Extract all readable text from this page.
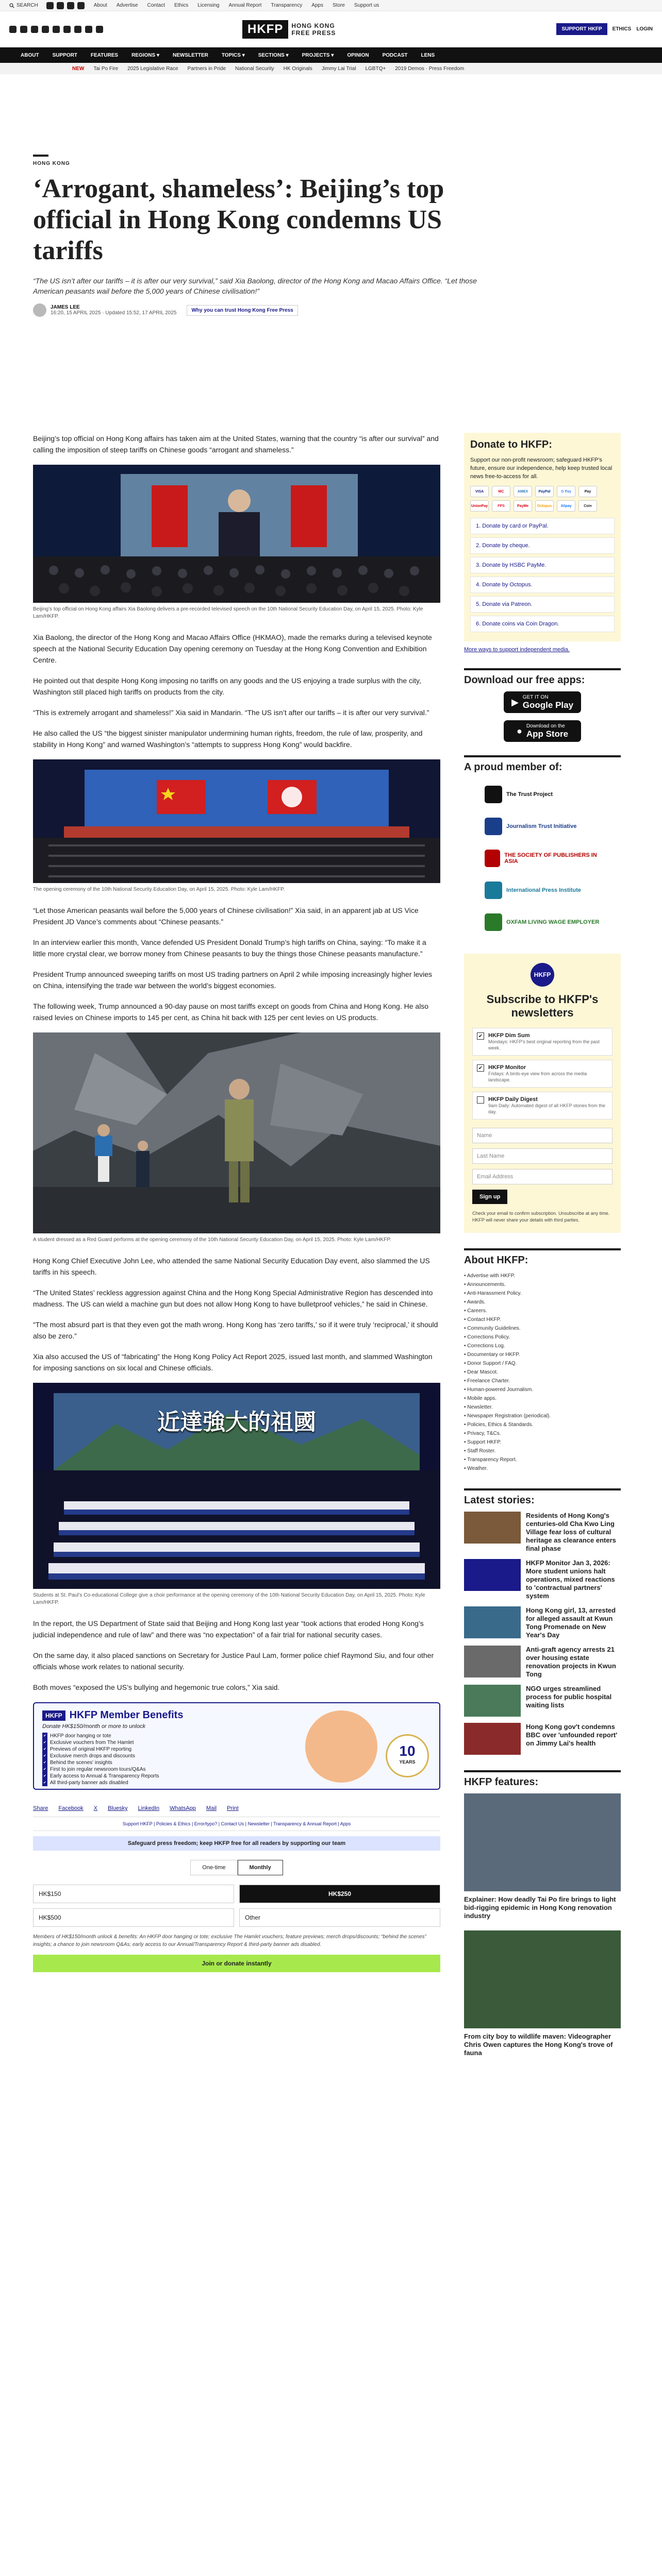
SEARCH	About Advertise Contact Ethics Licensing Annual Report Transparency Apps Store Support us
HKFP	HONG KONG
FREE PRESS	SUPPORT HKFP	ETHICS LOGIN
ABOUT	SUPPORT	FEATURES	REGIONS ▾	NEWSLETTER	TOPICS ▾	SECTIONS ▾	PROJECTS ▾	OPINION	PODCAST	LENS
NEW Tai Po Fire 2025 Legislative Race Partners in Pride National Security HK Originals Jimmy Lai Trial LGBTQ+ 2019 Demos · Press Freedom
HONG KONG
‘Arrogant, shameless’: Beijing’s top official in Hong Kong condemns US tariffs

“The US isn’t after our tariffs – it is after our very survival,” said Xia Baolong, director of the Hong Kong and Macao Affairs Office. “Let those American peasants wail before the 5,000 years of Chinese civilisation!”

JAMES LEE
16:20, 15 APRIL 2025 · Updated 15:52, 17 APRIL 2025	Why you can trust Hong Kong Free Press

Beijing’s top official on Hong Kong affairs has taken aim at the United States, warning that the country “is after our survival” and calling the imposition of steep tariffs on Chinese goods “arrogant and shameless.”

Beijing’s top official on Hong Kong affairs Xia Baolong delivers a pre-recorded televised speech on the 10th National Security Education Day, on April 15, 2025. Photo: Kyle Lam/HKFP.

Xia Baolong, the director of the Hong Kong and Macao Affairs Office (HKMAO), made the remarks during a televised keynote speech at the National Security Education Day opening ceremony on Tuesday at the Hong Kong Convention and Exhibition Centre.

He pointed out that despite Hong Kong imposing no tariffs on any goods and the US enjoying a trade surplus with the city, Washington still placed high tariffs on products from the city.

“This is extremely arrogant and shameless!” Xia said in Mandarin. “The US isn’t after our tariffs – it is after our very survival.”

He also called the US “the biggest sinister manipulator undermining human rights, freedom, the rule of law, prosperity, and stability in Hong Kong” and warned Washington’s “attempts to suppress Hong Kong” would backfire.

The opening ceremony of the 10th National Security Education Day, on April 15, 2025. Photo: Kyle Lam/HKFP.

“Let those American peasants wail before the 5,000 years of Chinese civilisation!” Xia said, in an apparent jab at US Vice President JD Vance’s comments about “Chinese peasants.”

In an interview earlier this month, Vance defended US President Donald Trump’s high tariffs on China, saying: “To make it a little more crystal clear, we borrow money from Chinese peasants to buy the things those Chinese peasants manufacture.”

President Trump announced sweeping tariffs on most US trading partners on April 2 while imposing increasingly higher levies on China, intensifying the trade war between the world’s biggest economies.

The following week, Trump announced a 90-day pause on most tariffs except on goods from China and Hong Kong. He also raised levies on Chinese imports to 145 per cent, as China hit back with 125 per cent levies on US products.

A student dressed as a Red Guard performs at the opening ceremony of the 10th National Security Education Day, on April 15, 2025. Photo: Kyle Lam/HKFP.

Hong Kong Chief Executive John Lee, who attended the same National Security Education Day event, also slammed the US tariffs in his speech.

“The United States’ reckless aggression against China and the Hong Kong Special Administrative Region has descended into madness. The US can wield a machine gun but does not allow Hong Kong to have bulletproof vehicles,” he said in Chinese.

“The most absurd part is that they even got the math wrong. Hong Kong has ‘zero tariffs,’ so if it were truly ‘reciprocal,’ it should also be zero.”

Xia also accused the US of “fabricating” the Hong Kong Policy Act Report 2025, issued last month, and slammed Washington for imposing sanctions on six local and Chinese officials.

近達強大的祖國

Students at St. Paul’s Co-educational College give a choir performance at the opening ceremony of the 10th National Security Education Day, on April 15, 2025. Photo: Kyle Lam/HKFP.

In the report, the US Department of State said that Beijing and Hong Kong last year “took actions that eroded Hong Kong’s judicial independence and rule of law” and there was “no expectation” of a fair trial for national security cases.

On the same day, it also placed sanctions on Secretary for Justice Paul Lam, former police chief Raymond Siu, and four other officials whose work relates to national security.

Both moves “exposed the US’s bullying and hegemonic true colors,” Xia said.

HKFP HKFP Member Benefits
Donate HK$150/month or more to unlock
✔ HKFP door hanging or tote
✔ Exclusive vouchers from The Hamlet
✔ Previews of original HKFP reporting
✔ Exclusive merch drops and discounts
✔ Behind the scenes' insights
✔ First to join regular newsroom tours/Q&As
✔ Early access to Annual & Transparency Reports
✔ All third-party banner ads disabled
10
YEARS
Share Facebook X Bluesky LinkedIn WhatsApp Mail Print
Support HKFP | Policies & Ethics | Error/typo? | Contact Us | Newsletter | Transparency & Annual Report | Apps
Safeguard press freedom; keep HKFP free for all readers by supporting our team
One-time	Monthly
HK$150	HK$250
HK$500	Other
Members of HK$150/month unlock & benefits: An HKFP door hanging or tote; exclusive The Hamlet vouchers; feature previews; merch drops/discounts; “behind the scenes” insights; a chance to join newsroom Q&As; early access to our Annual/Transparency Report & third-party banner ads disabled.
Join or donate instantly
Donate to HKFP:
Support our non-profit newsroom; safeguard HKFP's future, ensure our independence, help keep trusted local news free-to-access for all.
VISA	MC	AMEX	PayPal	G Pay	Pay
UnionPay	FPS	PayMe	Octopus	Alipay	Coin
1. Donate by card or PayPal.
2. Donate by cheque.
3. Donate by HSBC PayMe.
4. Donate by Octopus.
5. Donate via Patreon.
6. Donate coins via Coin Dragon.
More ways to support independent media.
Download our free apps:
▶ GET IT ON
Google Play
● Download on the
App Store
A proud member of:
The Trust Project
Journalism Trust Initiative
THE SOCIETY OF PUBLISHERS IN ASIA
International Press Institute
OXFAM LIVING WAGE EMPLOYER
HKFP
Subscribe to HKFP's newsletters
✔ HKFP Dim Sum
Mondays: HKFP's best original reporting from the past week.
✔ HKFP Monitor
Fridays: A birds-eye view from across the media landscape.
HKFP Daily Digest
9am Daily: Automated digest of all HKFP stories from the day.
Name
Last Name
Email Address
Sign up
Check your email to confirm subscription. Unsubscribe at any time. HKFP will never share your details with third parties.
About HKFP:
• Advertise with HKFP.
• Announcements.
• Anti-Harassment Policy.
• Awards.
• Careers.
• Contact HKFP.
• Community Guidelines.
• Corrections Policy.
• Corrections Log.
• Documentary or HKFP.
• Donor Support / FAQ.
• Dear Mascot.
• Freelance Charter.
• Human-powered Journalism.
• Mobile apps.
• Newsletter.
• Newspaper Registration (periodical).
• Policies, Ethics & Standards.
• Privacy, T&Cs.
• Support HKFP.
• Staff Roster.
• Transparency Report.
• Weather.
Latest stories:
Residents of Hong Kong's centuries-old Cha Kwo Ling Village fear loss of cultural heritage as clearance enters final phase
HKFP Monitor Jan 3, 2026: More student unions halt operations, mixed reactions to 'contractual partners' system
Hong Kong girl, 13, arrested for alleged assault at Kwun Tong Promenade on New Year's Day
Anti-graft agency arrests 21 over housing estate renovation projects in Kwun Tong
NGO urges streamlined process for public hospital waiting lists
Hong Kong gov't condemns BBC over 'unfounded report' on Jimmy Lai's health
HKFP features:
Explainer: How deadly Tai Po fire brings to light bid-rigging epidemic in Hong Kong renovation industry
From city boy to wildlife maven: Videographer Chris Owen captures the Hong Kong's trove of fauna
